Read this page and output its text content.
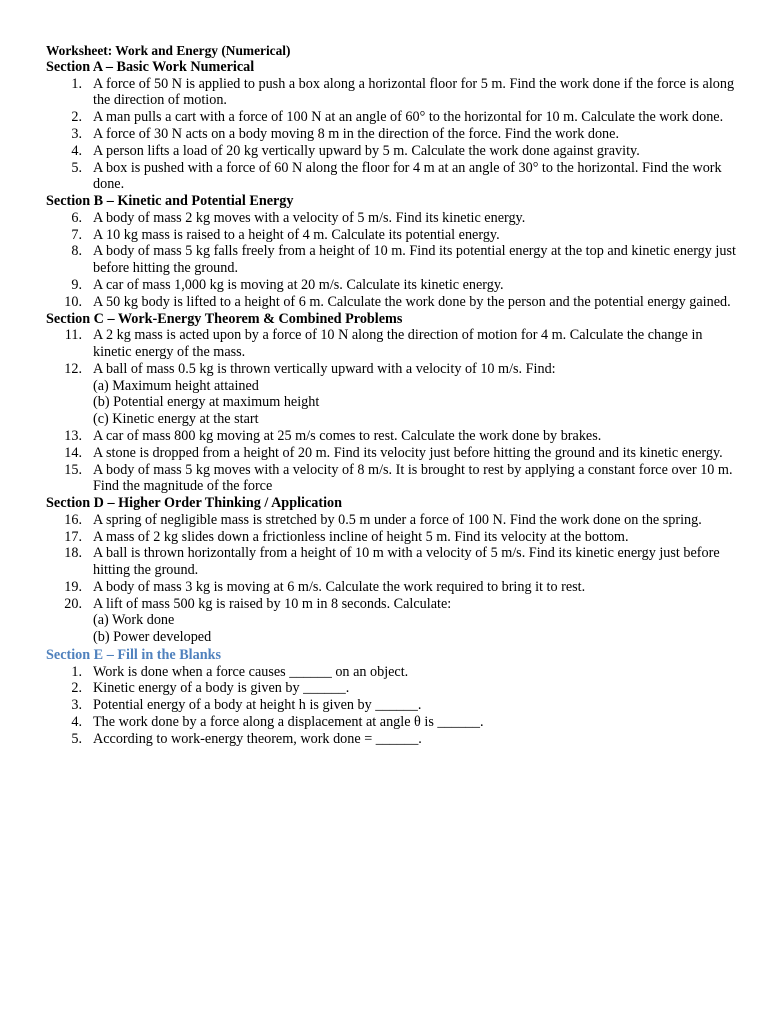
Worksheet: Work and Energy (Numerical)
Section A – Basic Work Numerical
1. A force of 50 N is applied to push a box along a horizontal floor for 5 m. Find the work done if the force is along the direction of motion.
2. A man pulls a cart with a force of 100 N at an angle of 60° to the horizontal for 10 m. Calculate the work done.
3. A force of 30 N acts on a body moving 8 m in the direction of the force. Find the work done.
4. A person lifts a load of 20 kg vertically upward by 5 m. Calculate the work done against gravity.
5. A box is pushed with a force of 60 N along the floor for 4 m at an angle of 30° to the horizontal. Find the work done.
Section B – Kinetic and Potential Energy
6. A body of mass 2 kg moves with a velocity of 5 m/s. Find its kinetic energy.
7. A 10 kg mass is raised to a height of 4 m. Calculate its potential energy.
8. A body of mass 5 kg falls freely from a height of 10 m. Find its potential energy at the top and kinetic energy just before hitting the ground.
9. A car of mass 1,000 kg is moving at 20 m/s. Calculate its kinetic energy.
10. A 50 kg body is lifted to a height of 6 m. Calculate the work done by the person and the potential energy gained.
Section C – Work-Energy Theorem & Combined Problems
11. A 2 kg mass is acted upon by a force of 10 N along the direction of motion for 4 m. Calculate the change in kinetic energy of the mass.
12. A ball of mass 0.5 kg is thrown vertically upward with a velocity of 10 m/s. Find:
(a) Maximum height attained
(b) Potential energy at maximum height
(c) Kinetic energy at the start
13. A car of mass 800 kg moving at 25 m/s comes to rest. Calculate the work done by brakes.
14. A stone is dropped from a height of 20 m. Find its velocity just before hitting the ground and its kinetic energy.
15. A body of mass 5 kg moves with a velocity of 8 m/s. It is brought to rest by applying a constant force over 10 m. Find the magnitude of the force
Section D – Higher Order Thinking / Application
16. A spring of negligible mass is stretched by 0.5 m under a force of 100 N. Find the work done on the spring.
17. A mass of 2 kg slides down a frictionless incline of height 5 m. Find its velocity at the bottom.
18. A ball is thrown horizontally from a height of 10 m with a velocity of 5 m/s. Find its kinetic energy just before hitting the ground.
19. A body of mass 3 kg is moving at 6 m/s. Calculate the work required to bring it to rest.
20. A lift of mass 500 kg is raised by 10 m in 8 seconds. Calculate:
(a) Work done
(b) Power developed
Section E – Fill in the Blanks
1. Work is done when a force causes ______ on an object.
2. Kinetic energy of a body is given by ______.
3. Potential energy of a body at height h is given by ______.
4. The work done by a force along a displacement at angle θ is ______.
5. According to work-energy theorem, work done = ______.
